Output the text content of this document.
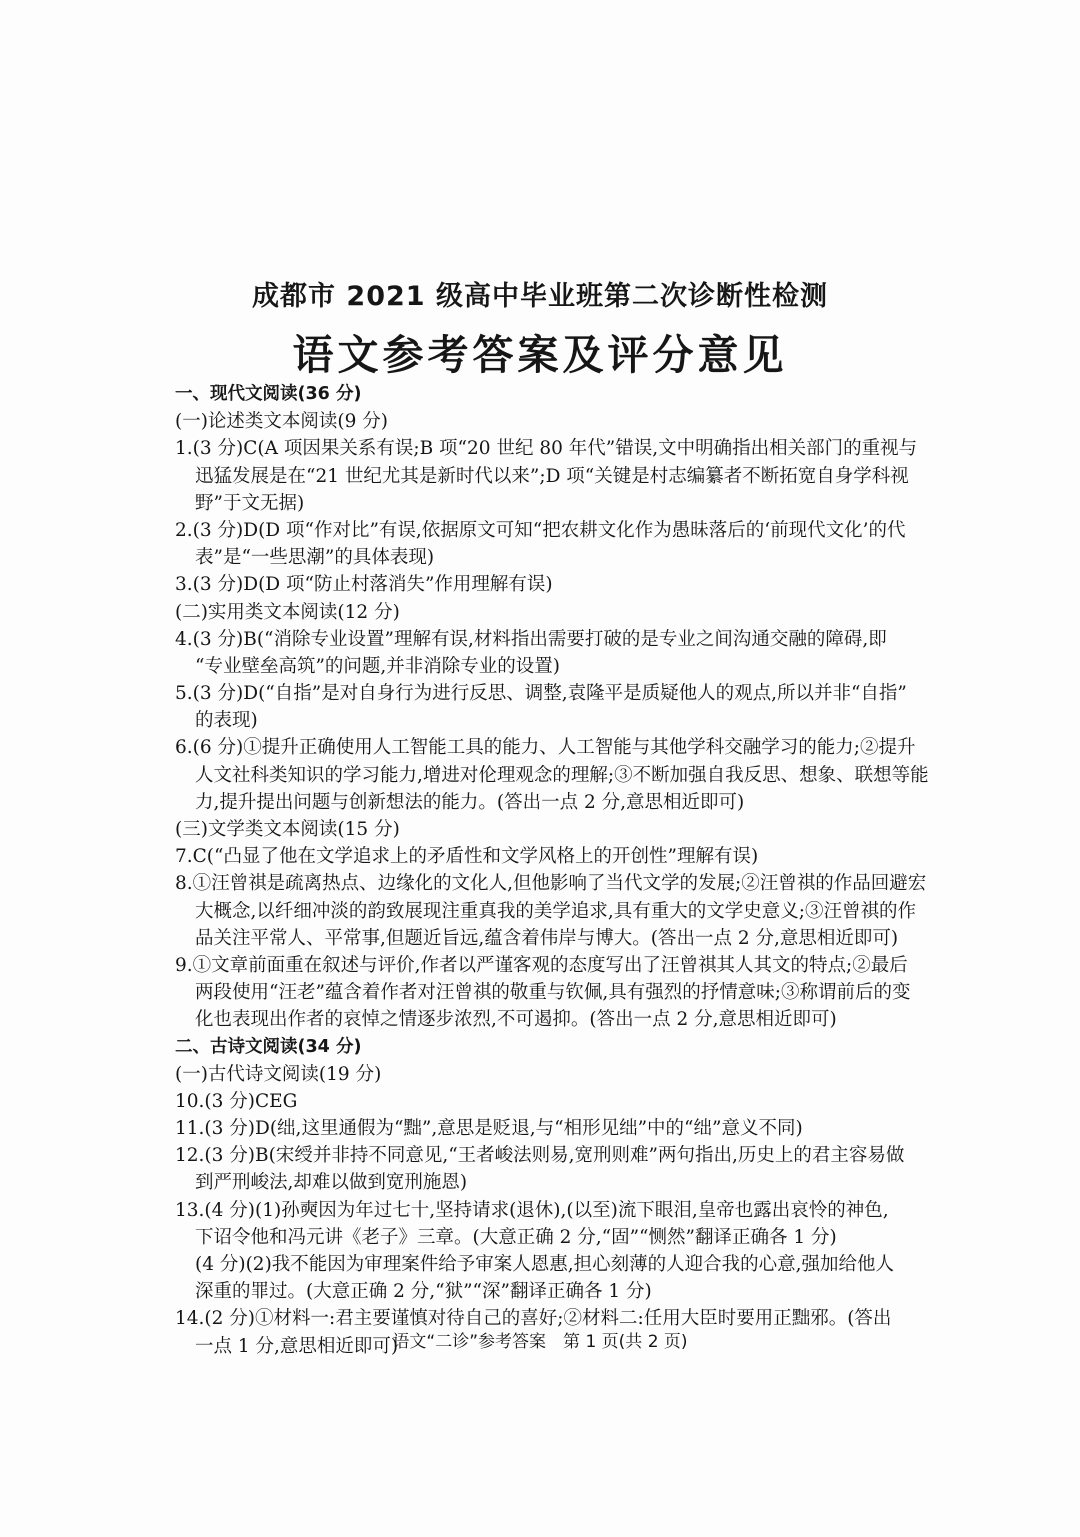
成都市 2021 级高中毕业班第二次诊断性检测
语文参考答案及评分意见
一、现代文阅读(36 分)
(一)论述类文本阅读(9 分)
1.(3 分)C(A 项因果关系有误;B 项“20 世纪 80 年代”错误,文中明确指出相关部门的重视与
迅猛发展是在“21 世纪尤其是新时代以来”;D 项“关键是村志编纂者不断拓宽自身学科视
野”于文无据)
2.(3 分)D(D 项“作对比”有误,依据原文可知“把农耕文化作为愚昧落后的‘前现代文化’的代
表”是“一些思潮”的具体表现)
3.(3 分)D(D 项“防止村落消失”作用理解有误)
(二)实用类文本阅读(12 分)
4.(3 分)B(“消除专业设置”理解有误,材料指出需要打破的是专业之间沟通交融的障碍,即
“专业壁垒高筑”的问题,并非消除专业的设置)
5.(3 分)D(“自指”是对自身行为进行反思、调整,袁隆平是质疑他人的观点,所以并非“自指”
的表现)
6.(6 分)①提升正确使用人工智能工具的能力、人工智能与其他学科交融学习的能力;②提升
人文社科类知识的学习能力,增进对伦理观念的理解;③不断加强自我反思、想象、联想等能
力,提升提出问题与创新想法的能力。(答出一点 2 分,意思相近即可)
(三)文学类文本阅读(15 分)
7.C(“凸显了他在文学追求上的矛盾性和文学风格上的开创性”理解有误)
8.①汪曾祺是疏离热点、边缘化的文化人,但他影响了当代文学的发展;②汪曾祺的作品回避宏
大概念,以纤细冲淡的韵致展现注重真我的美学追求,具有重大的文学史意义;③汪曾祺的作
品关注平常人、平常事,但题近旨远,蕴含着伟岸与博大。(答出一点 2 分,意思相近即可)
9.①文章前面重在叙述与评价,作者以严谨客观的态度写出了汪曾祺其人其文的特点;②最后
两段使用“汪老”蕴含着作者对汪曾祺的敬重与钦佩,具有强烈的抒情意味;③称谓前后的变
化也表现出作者的哀悼之情逐步浓烈,不可遏抑。(答出一点 2 分,意思相近即可)
二、古诗文阅读(34 分)
(一)古代诗文阅读(19 分)
10.(3 分)CEG
11.(3 分)D(绌,这里通假为“黜”,意思是贬退,与“相形见绌”中的“绌”意义不同)
12.(3 分)B(宋绶并非持不同意见,“王者峻法则易,宽刑则难”两句指出,历史上的君主容易做
到严刑峻法,却难以做到宽刑施恩)
13.(4 分)(1)孙奭因为年过七十,坚持请求(退休),(以至)流下眼泪,皇帝也露出哀怜的神色,
下诏令他和冯元讲《老子》三章。(大意正确 2 分,“固”“恻然”翻译正确各 1 分)
(4 分)(2)我不能因为审理案件给予审案人恩惠,担心刻薄的人迎合我的心意,强加给他人
深重的罪过。(大意正确 2 分,“狱”“深”翻译正确各 1 分)
14.(2 分)①材料一:君主要谨慎对待自己的喜好;②材料二:任用大臣时要用正黜邪。(答出
一点 1 分,意思相近即可)
语文“二诊”参考答案　第 1 页(共 2 页)
